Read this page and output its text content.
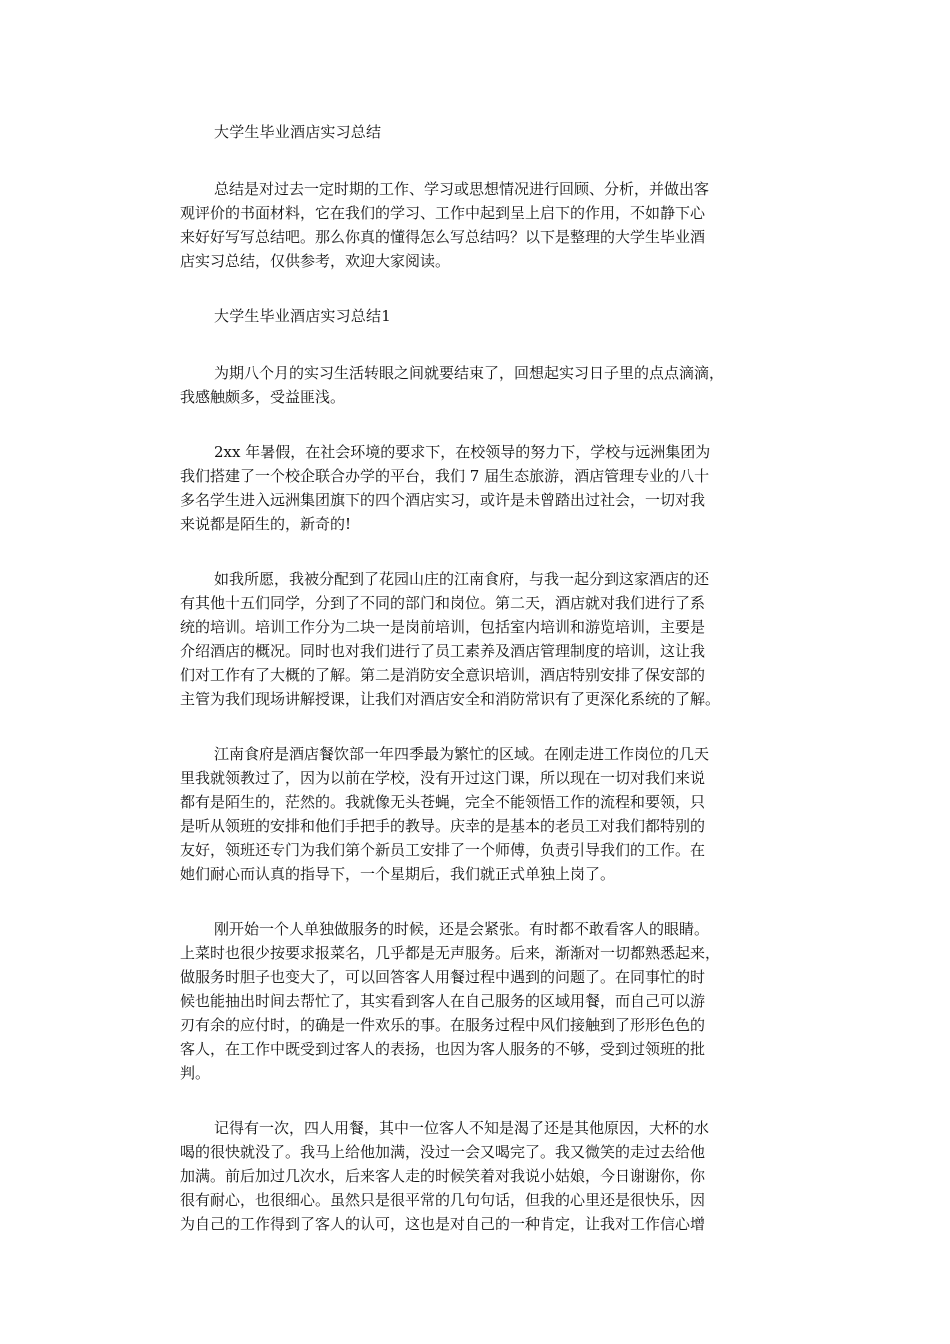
大学生毕业酒店实习总结
总结是对过去一定时期的工作、学习或思想情况进行回顾、分析，并做出客
观评价的书面材料，它在我们的学习、工作中起到呈上启下的作用，不如静下心
来好好写写总结吧。那么你真的懂得怎么写总结吗？以下是整理的大学生毕业酒
店实习总结，仅供参考，欢迎大家阅读。
大学生毕业酒店实习总结1
为期八个月的实习生活转眼之间就要结束了，回想起实习日子里的点点滴滴，
我感触颇多，受益匪浅。
2xx 年暑假，在社会环境的要求下，在校领导的努力下，学校与远洲集团为
我们搭建了一个校企联合办学的平台，我们 7 届生态旅游，酒店管理专业的八十
多名学生进入远洲集团旗下的四个酒店实习，或许是未曾踏出过社会，一切对我
来说都是陌生的，新奇的!
如我所愿，我被分配到了花园山庄的江南食府，与我一起分到这家酒店的还
有其他十五们同学，分到了不同的部门和岗位。第二天，酒店就对我们进行了系
统的培训。培训工作分为二块一是岗前培训，包括室内培训和游览培训，主要是
介绍酒店的概况。同时也对我们进行了员工素养及酒店管理制度的培训，这让我
们对工作有了大概的了解。第二是消防安全意识培训，酒店特别安排了保安部的
主管为我们现场讲解授课，让我们对酒店安全和消防常识有了更深化系统的了解。
江南食府是酒店餐饮部一年四季最为繁忙的区域。在刚走进工作岗位的几天
里我就领教过了，因为以前在学校，没有开过这门课，所以现在一切对我们来说
都有是陌生的，茫然的。我就像无头苍蝇，完全不能领悟工作的流程和要领，只
是听从领班的安排和他们手把手的教导。庆幸的是基本的老员工对我们都特别的
友好，领班还专门为我们第个新员工安排了一个师傅，负责引导我们的工作。在
她们耐心而认真的指导下，一个星期后，我们就正式单独上岗了。
刚开始一个人单独做服务的时候，还是会紧张。有时都不敢看客人的眼睛。
上菜时也很少按要求报菜名，几乎都是无声服务。后来，渐渐对一切都熟悉起来，
做服务时胆子也变大了，可以回答客人用餐过程中遇到的问题了。在同事忙的时
候也能抽出时间去帮忙了，其实看到客人在自己服务的区域用餐，而自己可以游
刃有余的应付时，的确是一件欢乐的事。在服务过程中风们接触到了形形色色的
客人，在工作中既受到过客人的表扬，也因为客人服务的不够，受到过领班的批
判。
记得有一次，四人用餐，其中一位客人不知是渴了还是其他原因，大杯的水
喝的很快就没了。我马上给他加满，没过一会又喝完了。我又微笑的走过去给他
加满。前后加过几次水，后来客人走的时候笑着对我说小姑娘，今日谢谢你，你
很有耐心，也很细心。虽然只是很平常的几句句话，但我的心里还是很快乐，因
为自己的工作得到了客人的认可，这也是对自己的一种肯定，让我对工作信心增
